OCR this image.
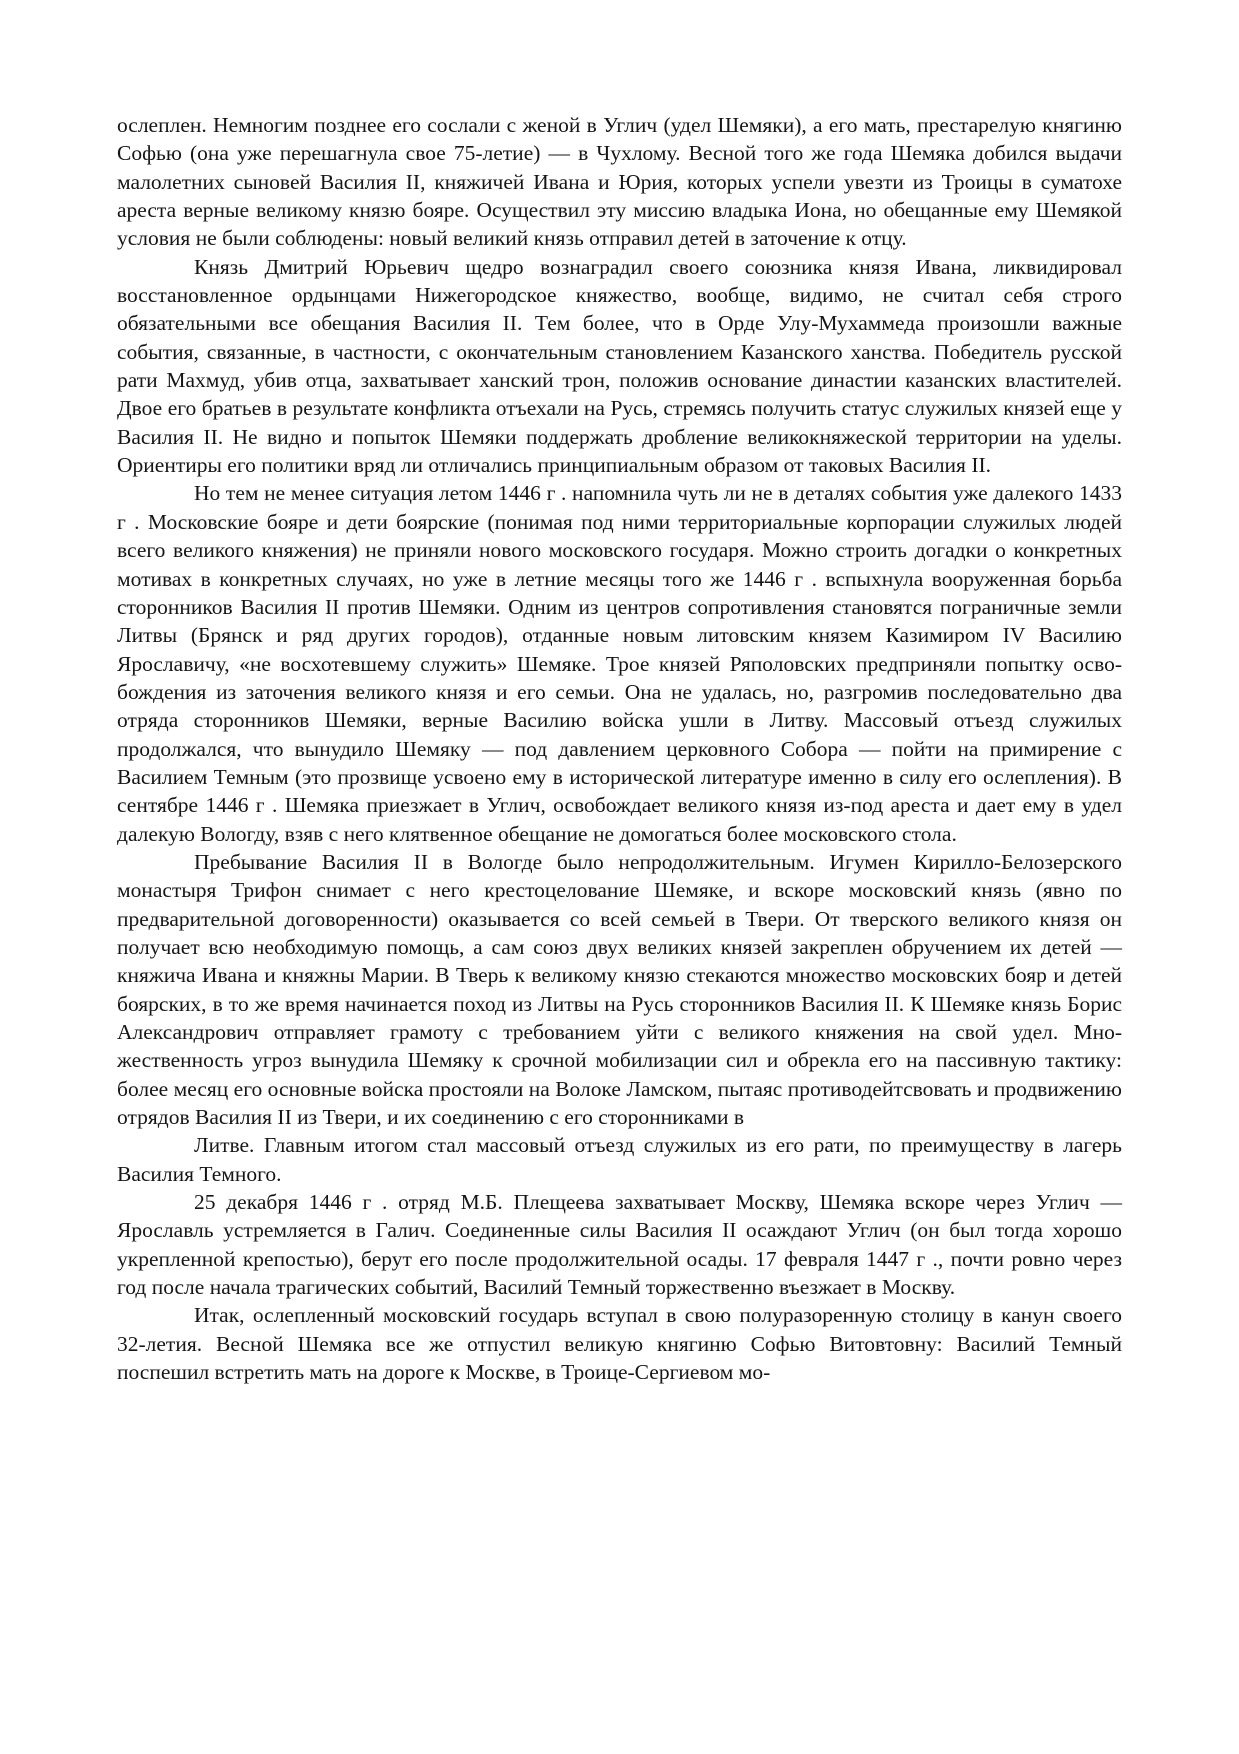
ослеплен. Немногим позднее его сослали с женой в Углич (удел Шемяки), а его мать, престарелую княгиню Софью (она уже перешагнула свое 75-летие) — в Чухлому. Весной того же года Шемяка добился выдачи малолетних сыновей Василия II, княжичей Ивана и Юрия, которых успели увезти из Троицы в суматохе ареста верные великому князю бояре. Осуществил эту миссию владыка Иона, но обещанные ему Шемякой условия не были соблюдены: новый великий князь отправил детей в заточение к отцу.

Князь Дмитрий Юрьевич щедро вознаградил своего союзника князя Ивана, ликвидировал восстановленное ордынцами Нижегородское княжество, вообще, видимо, не считал себя строго обязательными все обещания Василия II. Тем более, что в Орде Улу-Мухаммеда произошли важные события, связанные, в частности, с окончательным становлением Казанского ханства. Победитель русской рати Махмуд, убив отца, захватывает ханский трон, положив основание династии казанских властителей. Двое его братьев в результате конфликта отъехали на Русь, стремясь получить статус служилых князей еще у Василия II. Не видно и попыток Шемяки поддержать дробление великокняжеской территории на уделы. Ориентиры его политики вряд ли отличались принципиальным образом от таковых Василия II.

Но тем не менее ситуация летом 1446 г . напомнила чуть ли не в деталях события уже далекого 1433 г . Московские бояре и дети боярские (понимая под ними территориальные корпорации служилых людей всего великого княжения) не приняли нового московского государя. Можно строить догадки о конкретных мотивах в конкретных случаях, но уже в летние месяцы того же 1446 г . вспыхнула вооруженная борьба сторонников Василия II против Шемяки. Одним из центров сопротивления становятся пограничные земли Литвы (Брянск и ряд других городов), отданные новым литовским князем Казимиром IV Василию Ярославичу, «не восхотевшему служить» Шемяке. Трое князей Ряполовских предприняли попытку освобождения из заточения великого князя и его семьи. Она не удалась, но, разгромив последовательно два отряда сторонников Шемяки, верные Василию войска ушли в Литву. Массовый отъезд служилых продолжался, что вынудило Шемяку — под давлением церковного Собора — пойти на примирение с Василием Темным (это прозвище усвоено ему в исторической литературе именно в силу его ослепления). В сентябре 1446 г . Шемяка приезжает в Углич, освобождает великого князя из-под ареста и дает ему в удел далекую Вологду, взяв с него клятвенное обещание не домогаться более московского стола.

Пребывание Василия II в Вологде было непродолжительным. Игумен Кирилло-Белозерского монастыря Трифон снимает с него крестоцелование Шемяке, и вскоре московский князь (явно по предварительной договоренности) оказывается со всей семьей в Твери. От тверского великого князя он получает всю необходимую помощь, а сам союз двух великих князей закреплен обручением их детей — княжича Ивана и княжны Марии. В Тверь к великому князю стекаются множество московских бояр и детей боярских, в то же время начинается поход из Литвы на Русь сторонников Василия II. К Шемяке князь Борис Александрович отправляет грамоту с требованием уйти с великого княжения на свой удел. Множественность угроз вынудила Шемяку к срочной мобилизации сил и обрекла его на пассивную тактику: более месяц его основные войска простояли на Волоке Ламском, пытаяс противодейтсвовать и продвижению отрядов Василия II из Твери, и их соединению с его сторонниками в

Литве. Главным итогом стал массовый отъезд служилых из его рати, по преимуществу в лагерь Василия Темного.

25 декабря 1446 г . отряд М.Б. Плещеева захватывает Москву, Шемяка вскоре через Углич — Ярославль устремляется в Галич. Соединенные силы Василия II осаждают Углич (он был тогда хорошо укрепленной крепостью), берут его после продолжительной осады. 17 февраля 1447 г ., почти ровно через год после начала трагических событий, Василий Темный торжественно въезжает в Москву.

Итак, ослепленный московский государь вступал в свою полуразоренную столицу в канун своего 32-летия. Весной Шемяка все же отпустил великую княгиню Софью Витовтовну: Василий Темный поспешил встретить мать на дороге к Москве, в Троице-Сергиевом мо-
